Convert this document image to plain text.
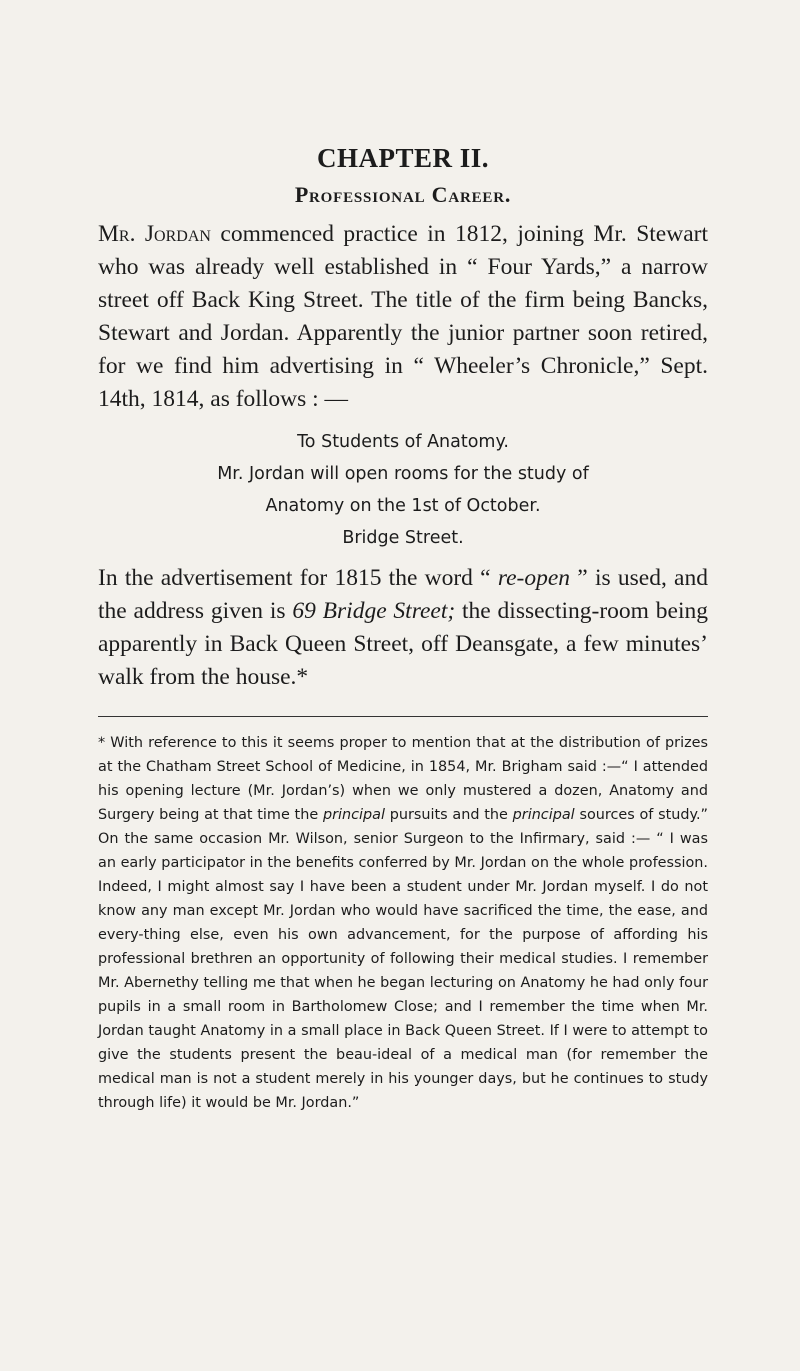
CHAPTER II.
Professional Career.

Mr. Jordan commenced practice in 1812, joining Mr. Stewart who was already well established in “ Four Yards,” a narrow street off Back King Street. The title of the firm being Bancks, Stewart and Jordan. Apparently the junior partner soon retired, for we find him advertising in “ Wheeler’s Chronicle,” Sept. 14th, 1814, as follows : —

To Students of Anatomy.
Mr. Jordan will open rooms for the study of
Anatomy on the 1st of October.
Bridge Street.

In the advertisement for 1815 the word “ re-open ” is used, and the address given is 69 Bridge Street; the dissecting-room being apparently in Back Queen Street, off Deansgate, a few minutes’ walk from the house.*

* With reference to this it seems proper to mention that at the distribution of prizes at the Chatham Street School of Medicine, in 1854, Mr. Brigham said :—“ I attended his opening lecture (Mr. Jordan’s) when we only mustered a dozen, Anatomy and Surgery being at that time the principal pursuits and the principal sources of study.” On the same occasion Mr. Wilson, senior Surgeon to the Infirmary, said :— “ I was an early participator in the benefits conferred by Mr. Jordan on the whole profession. Indeed, I might almost say I have been a student under Mr. Jordan myself. I do not know any man except Mr. Jordan who would have sacrificed the time, the ease, and every-thing else, even his own advancement, for the purpose of affording his professional brethren an opportunity of following their medical studies. I remember Mr. Abernethy telling me that when he began lecturing on Anatomy he had only four pupils in a small room in Bartholomew Close; and I remember the time when Mr. Jordan taught Anatomy in a small place in Back Queen Street. If I were to attempt to give the students present the beau-ideal of a medical man (for remember the medical man is not a student merely in his younger days, but he continues to study through life) it would be Mr. Jordan.”
